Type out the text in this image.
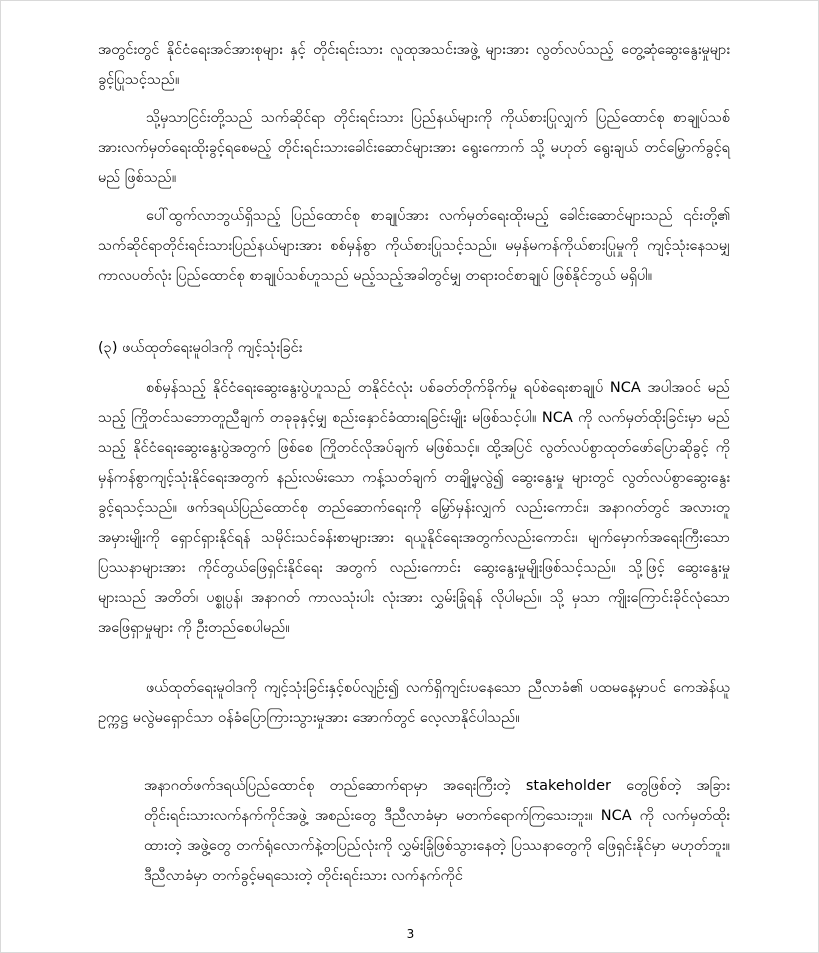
အတွင်းတွင် နိုင်ငံရေးအင်အားစုများ နှင့် တိုင်းရင်းသား လူထုအသင်းအဖွဲ့ များအား လွတ်လပ်သည့် တွေ့ဆုံဆွေးနွေးမှုများ ခွင့်ပြုသင့်သည်။

သို့မှသာငြင်းတို့သည် သက်ဆိုင်ရာ တိုင်းရင်းသား ပြည်နယ်များကို ကိုယ်စားပြုလျှက် ပြည်ထောင်စု စာချုပ်သစ်အားလက်မှတ်ရေးထိုးခွင့်ရစေမည့် တိုင်းရင်းသားခေါင်းဆောင်များအား ရွေးကောက် သို့ မဟုတ် ရွေးချယ် တင်မြှောက်ခွင့်ရမည် ဖြစ်သည်။

ပေါ်ထွက်လာဘွယ်ရှိသည့် ပြည်ထောင်စု စာချုပ်အား လက်မှတ်ရေးထိုးမည့် ခေါင်းဆောင်များသည် ၎င်းတို့၏ သက်ဆိုင်ရာတိုင်းရင်းသားပြည်နယ်များအား စစ်မှန်စွာ ကိုယ်စားပြုသင့်သည်။ မမှန်မကန်ကိုယ်စားပြုမှုကို ကျင့်သုံးနေသမျှကာလပတ်လုံး ပြည်ထောင်စု စာချုပ်သစ်ဟူသည် မည့်သည့်အခါတွင်မျှ တရားဝင်စာချုပ် ဖြစ်နိုင်ဘွယ် မရှိပါ။

(၃) ဖယ်ထုတ်ရေးမူဝါဒကို ကျင့်သုံးခြင်း

စစ်မှန်သည့် နိုင်ငံရေးဆွေးနွေးပွဲဟူသည် တနိုင်ငံလုံး ပစ်ခတ်တိုက်ခိုက်မှု ရပ်စဲရေးစာချုပ် NCA အပါအဝင် မည်သည့် ကြိုတင်သဘောတူညီချက် တခုခုနှင့်မျှ စည်းနှောင်ခံထားရခြင်းမျိုး မဖြစ်သင့်ပါ။ NCA ကို လက်မှတ်ထိုးခြင်းမှာ မည်သည့် နိုင်ငံရေးဆွေးနွေးပွဲအတွက် ဖြစ်စေ ကြိုတင်လိုအပ်ချက် မဖြစ်သင့်။ ထို့အပြင် လွတ်လပ်စွာထုတ်ဖော်ပြောဆိုခွင့် ကို မှန်ကန်စွာကျင့်သုံးနိုင်ရေးအတွက် နည်းလမ်းသော ကန့်သတ်ချက် တချို့မှလွဲ၍ ဆွေးနွေးမှု များတွင် လွတ်လပ်စွာဆွေးနွေး ခွင့်ရသင့်သည်။ ဖက်ဒရယ်ပြည်ထောင်စု တည်ဆောက်ရေးကို မြှော်မှန်းလျှက် လည်းကောင်း၊ အနာဂတ်တွင် အလားတူအမှားမျိုးကို ရှောင်ရှားနိုင်ရန် သမိုင်းသင်ခန်းစာများအား ရယူနိုင်ရေးအတွက်လည်းကောင်း၊ မျက်မှောက်အရေးကြီးသော ပြဿနာများအား ကိုင်တွယ်ဖြေရှင်းနိုင်ရေး အတွက် လည်းကောင်း ဆွေးနွေးမှုမျိုးဖြစ်သင့်သည်။ သို့ဖြင့် ဆွေးနွေးမှုများသည် အတိတ်၊ ပစ္စုပ္ပန်၊ အနာဂတ် ကာလသုံးပါး လုံးအား လွှမ်းခြုံရန် လိုပါမည်။ သို့ မှသာ ကျိုးကြောင်းခိုင်လုံသော အဖြေရှာမှုများ ကို ဦးတည်စေပါမည်။

ဖယ်ထုတ်ရေးမူဝါဒကို ကျင့်သုံးခြင်းနှင့်စပ်လျဉ်း၍ လက်ရှိကျင်းပနေသော ညီလာခံ၏ ပထမနေ့မှာပင် ကေအဲန်ယူ ဥက္ကဋ္ဌ မလွဲမရှောင်သာ ဝန်ခံပြောကြားသွားမှုအား အောက်တွင် လေ့လာနိုင်ပါသည်။

အနာဂတ်ဖက်ဒရယ်ပြည်ထောင်စု တည်ဆောက်ရာမှာ အရေးကြီးတဲ့ stakeholder တွေဖြစ်တဲ့ အခြားတိုင်းရင်းသားလက်နက်ကိုင်အဖွဲ့ အစည်းတွေ ဒီညီလာခံမှာ မတက်ရောက်ကြသေးဘူး။ NCA ကို လက်မှတ်ထိုးထားတဲ့ အဖွဲ့တွေ တက်ရုံလောက်နဲ့တပြည်လုံးကို လွှမ်းခြုံဖြစ်သွားနေတဲ့ ပြဿနာတွေကို ဖြေရှင်းနိုင်မှာ မဟုတ်ဘူး။ ဒီညီလာခံမှာ တက်ခွင့်မရသေးတဲ့ တိုင်းရင်းသား လက်နက်ကိုင်

3
